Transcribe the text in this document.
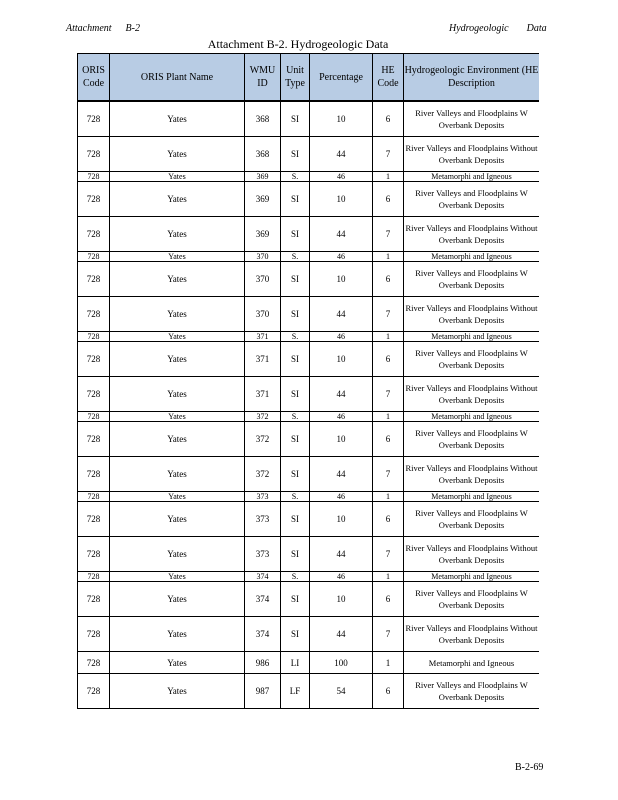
Attachment B-2	Hydrogeologic Data
Attachment B-2. Hydrogeologic Data
ORIS Code	ORIS Plant Name	WMU ID	Unit Type	Percentage	HE Code	Hydrogeologic Environment (HE Description
728	Yates	368	SI	10	6	River Valleys and Floodplains W Overbank Deposits
728	Yates	368	SI	44	7	River Valleys and Floodplains Without Overbank Deposits
728	Yates	369	S.	46	1	Metamorphi and Igneous
728	Yates	369	SI	10	6	River Valleys and Floodplains W Overbank Deposits
728	Yates	369	SI	44	7	River Valleys and Floodplains Without Overbank Deposits
728	Yates	370	S.	46	1	Metamorphi and Igneous
728	Yates	370	SI	10	6	River Valleys and Floodplains W Overbank Deposits
728	Yates	370	SI	44	7	River Valleys and Floodplains Without Overbank Deposits
728	Yates	371	S.	46	1	Metamorphi and Igneous
728	Yates	371	SI	10	6	River Valleys and Floodplains W Overbank Deposits
728	Yates	371	SI	44	7	River Valleys and Floodplains Without Overbank Deposits
728	Yates	372	S.	46	1	Metamorphi and Igneous
728	Yates	372	SI	10	6	River Valleys and Floodplains W Overbank Deposits
728	Yates	372	SI	44	7	River Valleys and Floodplains Without Overbank Deposits
728	Yates	373	S.	46	1	Metamorphi and Igneous
728	Yates	373	SI	10	6	River Valleys and Floodplains W Overbank Deposits
728	Yates	373	SI	44	7	River Valleys and Floodplains Without Overbank Deposits
728	Yates	374	S.	46	1	Metamorphi and Igneous
728	Yates	374	SI	10	6	River Valleys and Floodplains W Overbank Deposits
728	Yates	374	SI	44	7	River Valleys and Floodplains Without Overbank Deposits
728	Yates	986	LI	100	1	Metamorphi and Igneous
728	Yates	987	LF	54	6	River Valleys and Floodplains W Overbank Deposits
B-2-69
